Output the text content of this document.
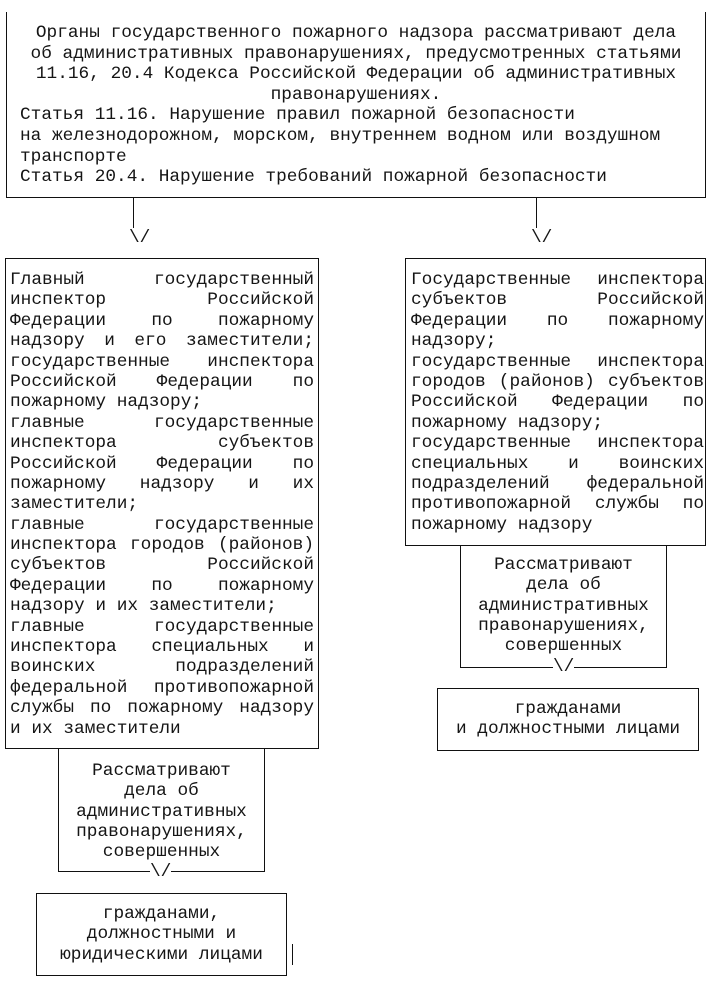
Органы государственного пожарного надзора рассматривают дела
об административных правонарушениях, предусмотренных статьями
11.16, 20.4 Кодекса Российской Федерации об административных
правонарушениях.
Статья 11.16. Нарушение правил пожарной безопасности
на железнодорожном, морском, внутреннем водном или воздушном
транспорте
Статья 20.4. Нарушение требований пожарной безопасности
\/	\/
Главный государственный
инспектор Российской
Федерации по пожарному
надзору и его заместители;
государственные инспектора
Российской Федерации по
пожарному надзору;
главные государственные
инспектора субъектов
Российской Федерации по
пожарному надзору и их
заместители;
главные государственные
инспектора городов (районов)
субъектов Российской
Федерации по пожарному
надзору и их заместители;
главные государственные
инспектора специальных и
воинских подразделений
федеральной противопожарной
службы по пожарному надзору
и их заместители
Рассматривают
дела об
административных
правонарушениях,
совершенных
\/
гражданами,
должностными и
юридическими лицами
Государственные инспектора
субъектов Российской
Федерации по пожарному
надзору;
государственные инспектора
городов (районов) субъектов
Российской Федерации по
пожарному надзору;
государственные инспектора
специальных и воинских
подразделений федеральной
противопожарной службы по
пожарному надзору
Рассматривают
дела об
административных
правонарушениях,
совершенных
\/
гражданами
и должностными лицами
